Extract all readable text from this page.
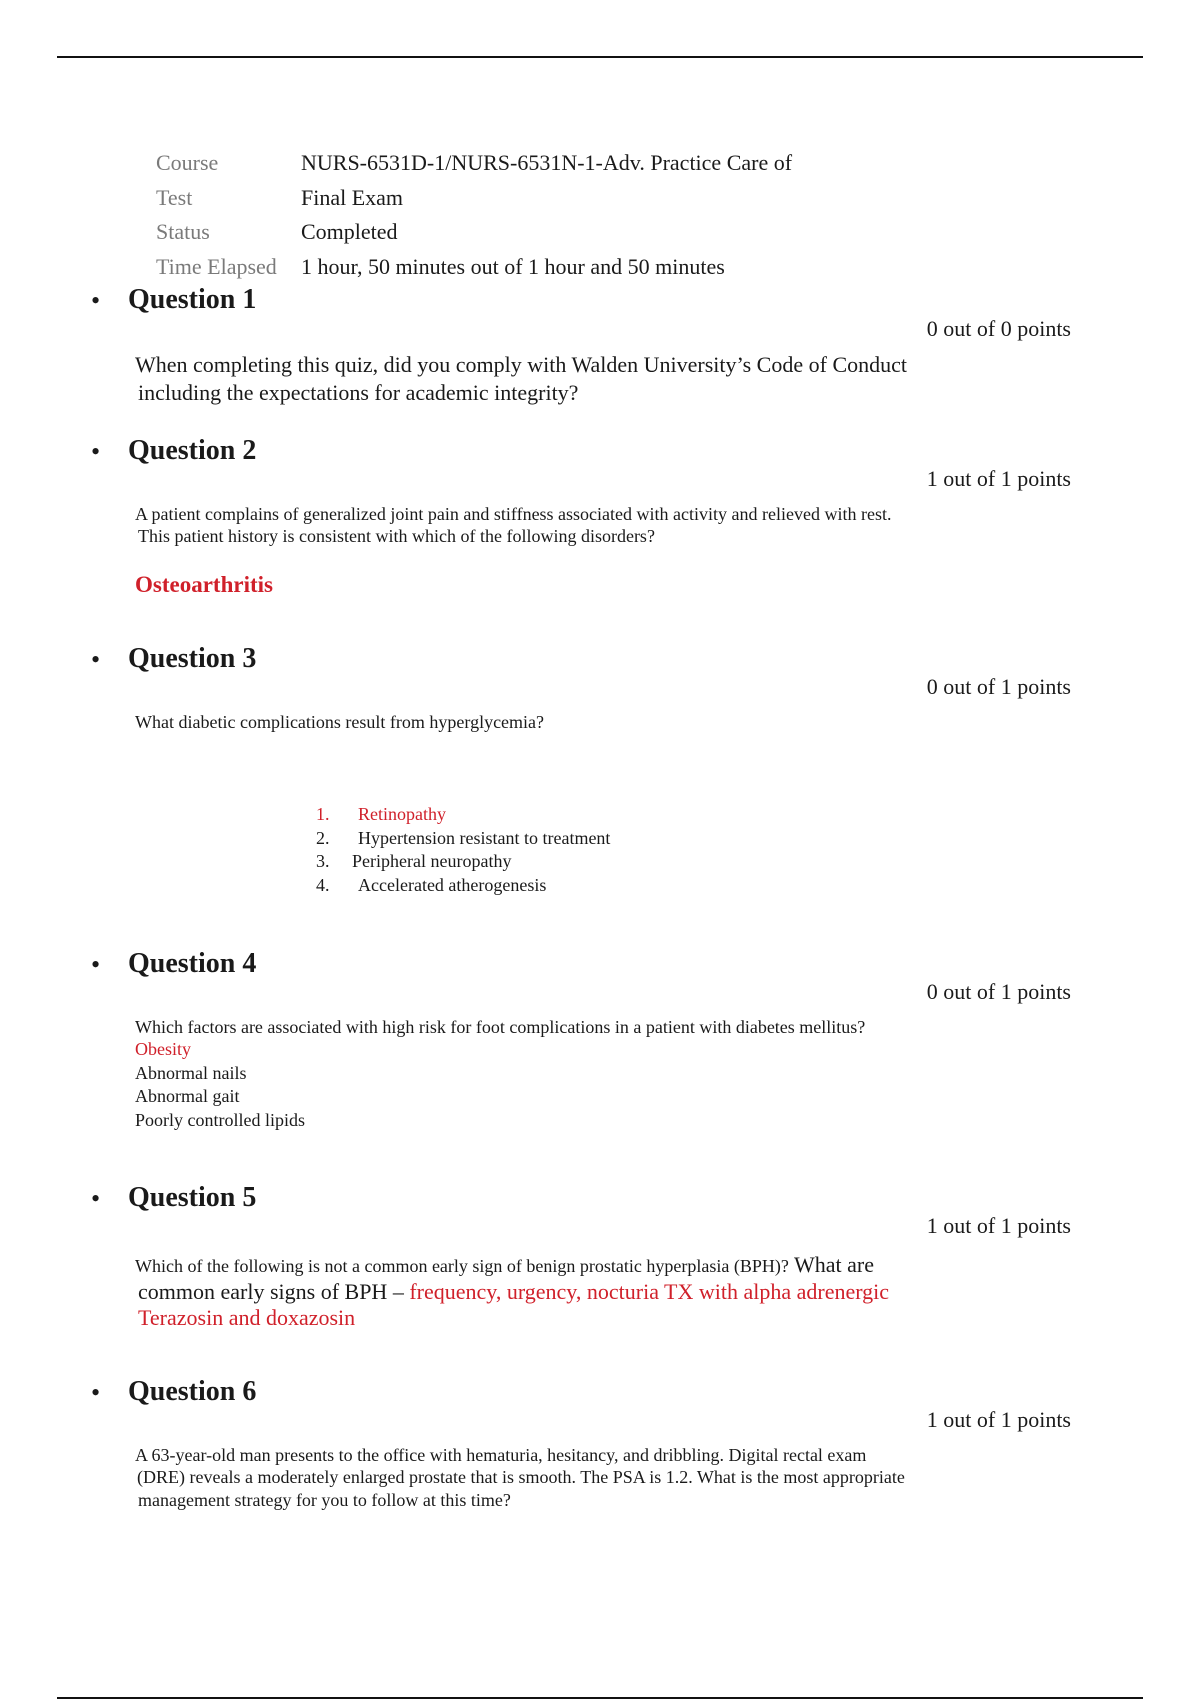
Course	NURS-6531D-1/NURS-6531N-1-Adv. Practice Care of
Test	Final Exam
Status	Completed
Time Elapsed	1 hour, 50 minutes out of 1 hour and 50 minutes
• Question 1
0 out of 0 points
When completing this quiz, did you comply with Walden University’s Code of Conduct
including the expectations for academic integrity?
• Question 2
1 out of 1 points
A patient complains of generalized joint pain and stiffness associated with activity and relieved with rest.
This patient history is consistent with which of the following disorders?
Osteoarthritis
• Question 3
0 out of 1 points
What diabetic complications result from hyperglycemia?
1. Retinopathy
2. Hypertension resistant to treatment
3. Peripheral neuropathy
4. Accelerated atherogenesis
• Question 4
0 out of 1 points
Which factors are associated with high risk for foot complications in a patient with diabetes mellitus?
Obesity
Abnormal nails
Abnormal gait
Poorly controlled lipids
• Question 5
1 out of 1 points
Which of the following is not a common early sign of benign prostatic hyperplasia (BPH)? What are
common early signs of BPH – frequency, urgency, nocturia TX with alpha adrenergic
Terazosin and doxazosin
• Question 6
1 out of 1 points
A 63-year-old man presents to the office with hematuria, hesitancy, and dribbling. Digital rectal exam
(DRE) reveals a moderately enlarged prostate that is smooth. The PSA is 1.2. What is the most appropriate
management strategy for you to follow at this time?
